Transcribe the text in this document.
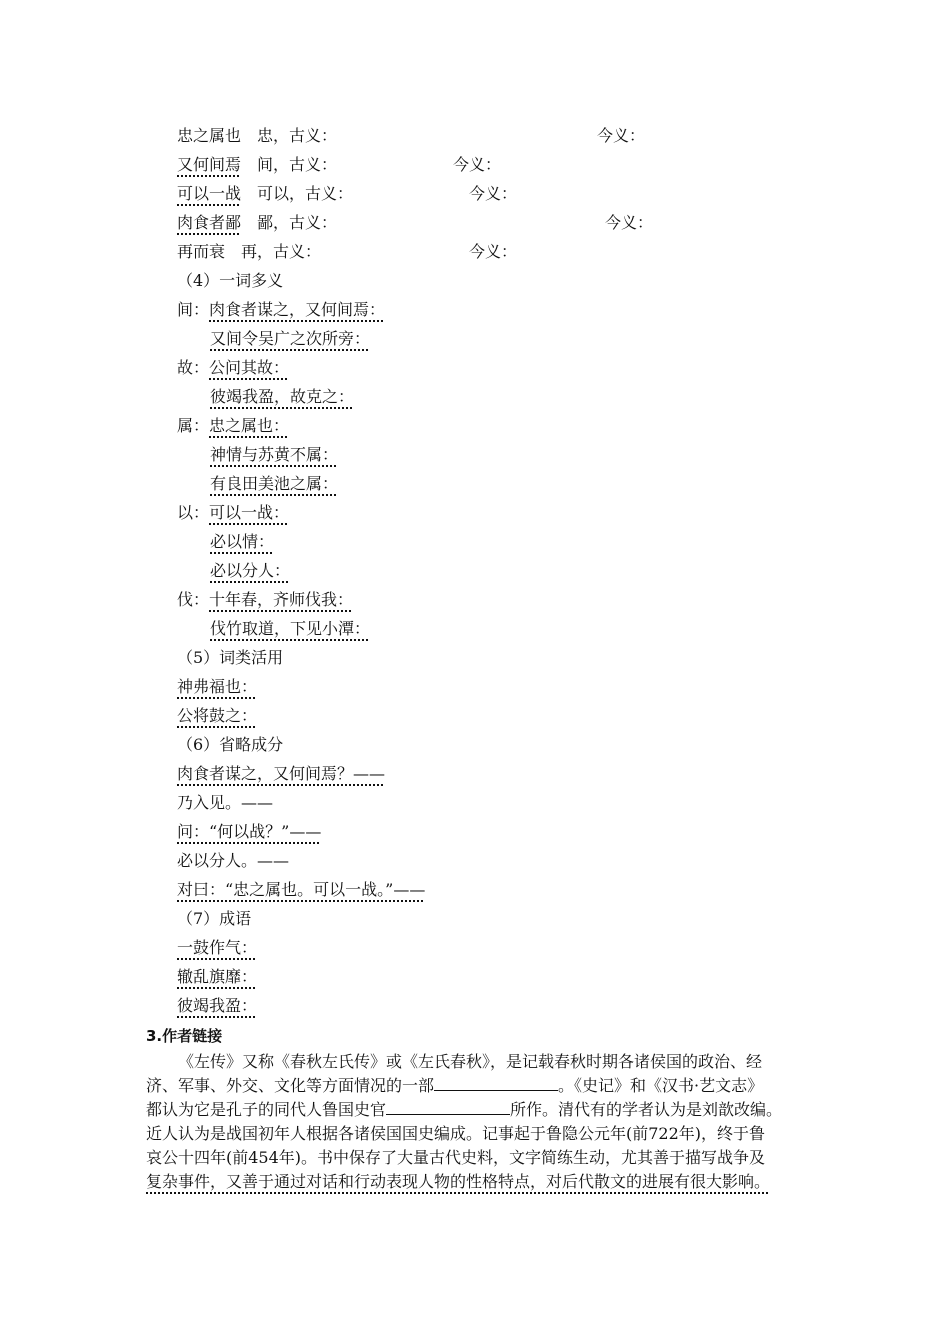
忠之属也 忠，古义：	今义：
又何间焉 间，古义：	今义：
可以一战 可以，古义：	今义：
肉食者鄙 鄙，古义：	今义：
再而衰 再，古义：	今义：
（4）一词多义
间：肉食者谋之，又何间焉：
又间令吴广之次所旁：
故：公问其故：
彼竭我盈，故克之：
属：忠之属也：
神情与苏黄不属：
有良田美池之属：
以：可以一战：
必以情：
必以分人：
伐：十年春，齐师伐我：
伐竹取道，下见小潭：
（5）词类活用
神弗福也：
公将鼓之：
（6）省略成分
肉食者谋之，又何间焉？——
乃入见。——
问：“何以战？”——
必以分人。——
对曰：“忠之属也。可以一战。”——
（7）成语
一鼓作气：
辙乱旗靡：
彼竭我盈：
3.作者链接
《左传》又称《春秋左氏传》或《左氏春秋》，是记载春秋时期各诸侯国的政治、经
济、军事、外交、文化等方面情况的一部	。《史记》和《汉书·艺文志》
都认为它是孔子的同代人鲁国史官	所作。清代有的学者认为是刘歆改编。
近人认为是战国初年人根据各诸侯国国史编成。记事起于鲁隐公元年(前722年)，终于鲁
哀公十四年(前454年)。书中保存了大量古代史料，文字简练生动，尤其善于描写战争及
复杂事件，又善于通过对话和行动表现人物的性格特点，对后代散文的进展有很大影响。
